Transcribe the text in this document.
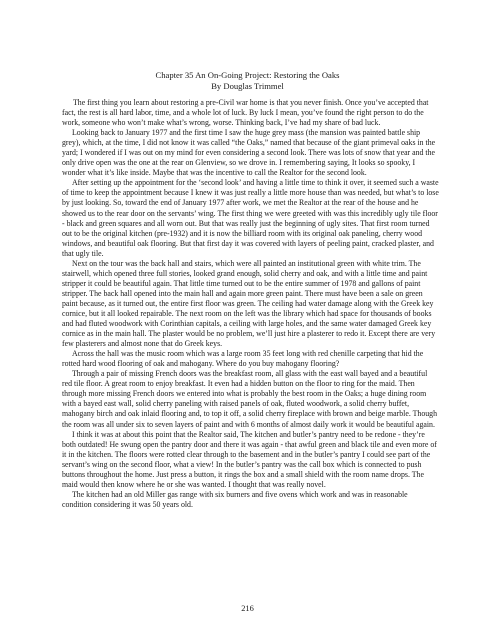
Chapter 35 An On-Going Project: Restoring the Oaks
By Douglas Trimmel

The first thing you learn about restoring a pre-Civil war home is that you never finish. Once you’ve accepted that fact, the rest is all hard labor, time, and a whole lot of luck. By luck I mean, you’ve found the right person to do the work, someone who won’t make what’s wrong, worse. Thinking back, I’ve had my share of bad luck.

Looking back to January 1977 and the first time I saw the huge grey mass (the mansion was painted battle ship grey), which, at the time, I did not know it was called “the Oaks,” named that because of the giant primeval oaks in the yard; I wondered if I was out on my mind for even considering a second look. There was lots of snow that year and the only drive open was the one at the rear on Glenview, so we drove in. I remembering saying, It looks so spooky, I wonder what it’s like inside. Maybe that was the incentive to call the Realtor for the second look.

After setting up the appointment for the ‘second look’ and having a little time to think it over, it seemed such a waste of time to keep the appointment because I knew it was just really a little more house than was needed, but what’s to lose by just looking. So, toward the end of January 1977 after work, we met the Realtor at the rear of the house and he showed us to the rear door on the servants’ wing. The first thing we were greeted with was this incredibly ugly tile floor - black and green squares and all worn out. But that was really just the beginning of ugly sites. That first room turned out to be the original kitchen (pre-1932) and it is now the billiard room with its original oak paneling, cherry wood windows, and beautiful oak flooring. But that first day it was covered with layers of peeling paint, cracked plaster, and that ugly tile.

Next on the tour was the back hall and stairs, which were all painted an institutional green with white trim. The stairwell, which opened three full stories, looked grand enough, solid cherry and oak, and with a little time and paint stripper it could be beautiful again. That little time turned out to be the entire summer of 1978 and gallons of paint stripper. The back hall opened into the main hall and again more green paint. There must have been a sale on green paint because, as it turned out, the entire first floor was green. The ceiling had water damage along with the Greek key cornice, but it all looked repairable. The next room on the left was the library which had space for thousands of books and had fluted woodwork with Corinthian capitals, a ceiling with large holes, and the same water damaged Greek key cornice as in the main hall. The plaster would be no problem, we’ll just hire a plasterer to redo it. Except there are very few plasterers and almost none that do Greek keys.

Across the hall was the music room which was a large room 35 feet long with red chenille carpeting that hid the rotted hard wood flooring of oak and mahogany. Where do you buy mahogany flooring?

Through a pair of missing French doors was the breakfast room, all glass with the east wall bayed and a beautiful red tile floor. A great room to enjoy breakfast. It even had a hidden button on the floor to ring for the maid. Then through more missing French doors we entered into what is probably the best room in the Oaks; a huge dining room with a bayed east wall, solid cherry paneling with raised panels of oak, fluted woodwork, a solid cherry buffet, mahogany birch and oak inlaid flooring and, to top it off, a solid cherry fireplace with brown and beige marble. Though the room was all under six to seven layers of paint and with 6 months of almost daily work it would be beautiful again.

I think it was at about this point that the Realtor said, The kitchen and butler’s pantry need to be redone - they’re both outdated! He swung open the pantry door and there it was again - that awful green and black tile and even more of it in the kitchen. The floors were rotted clear through to the basement and in the butler’s pantry I could see part of the servant’s wing on the second floor, what a view! In the butler’s pantry was the call box which is connected to push buttons throughout the home. Just press a button, it rings the box and a small shield with the room name drops. The maid would then know where he or she was wanted. I thought that was really novel.

The kitchen had an old Miller gas range with six burners and five ovens which work and was in reasonable condition considering it was 50 years old.

216
